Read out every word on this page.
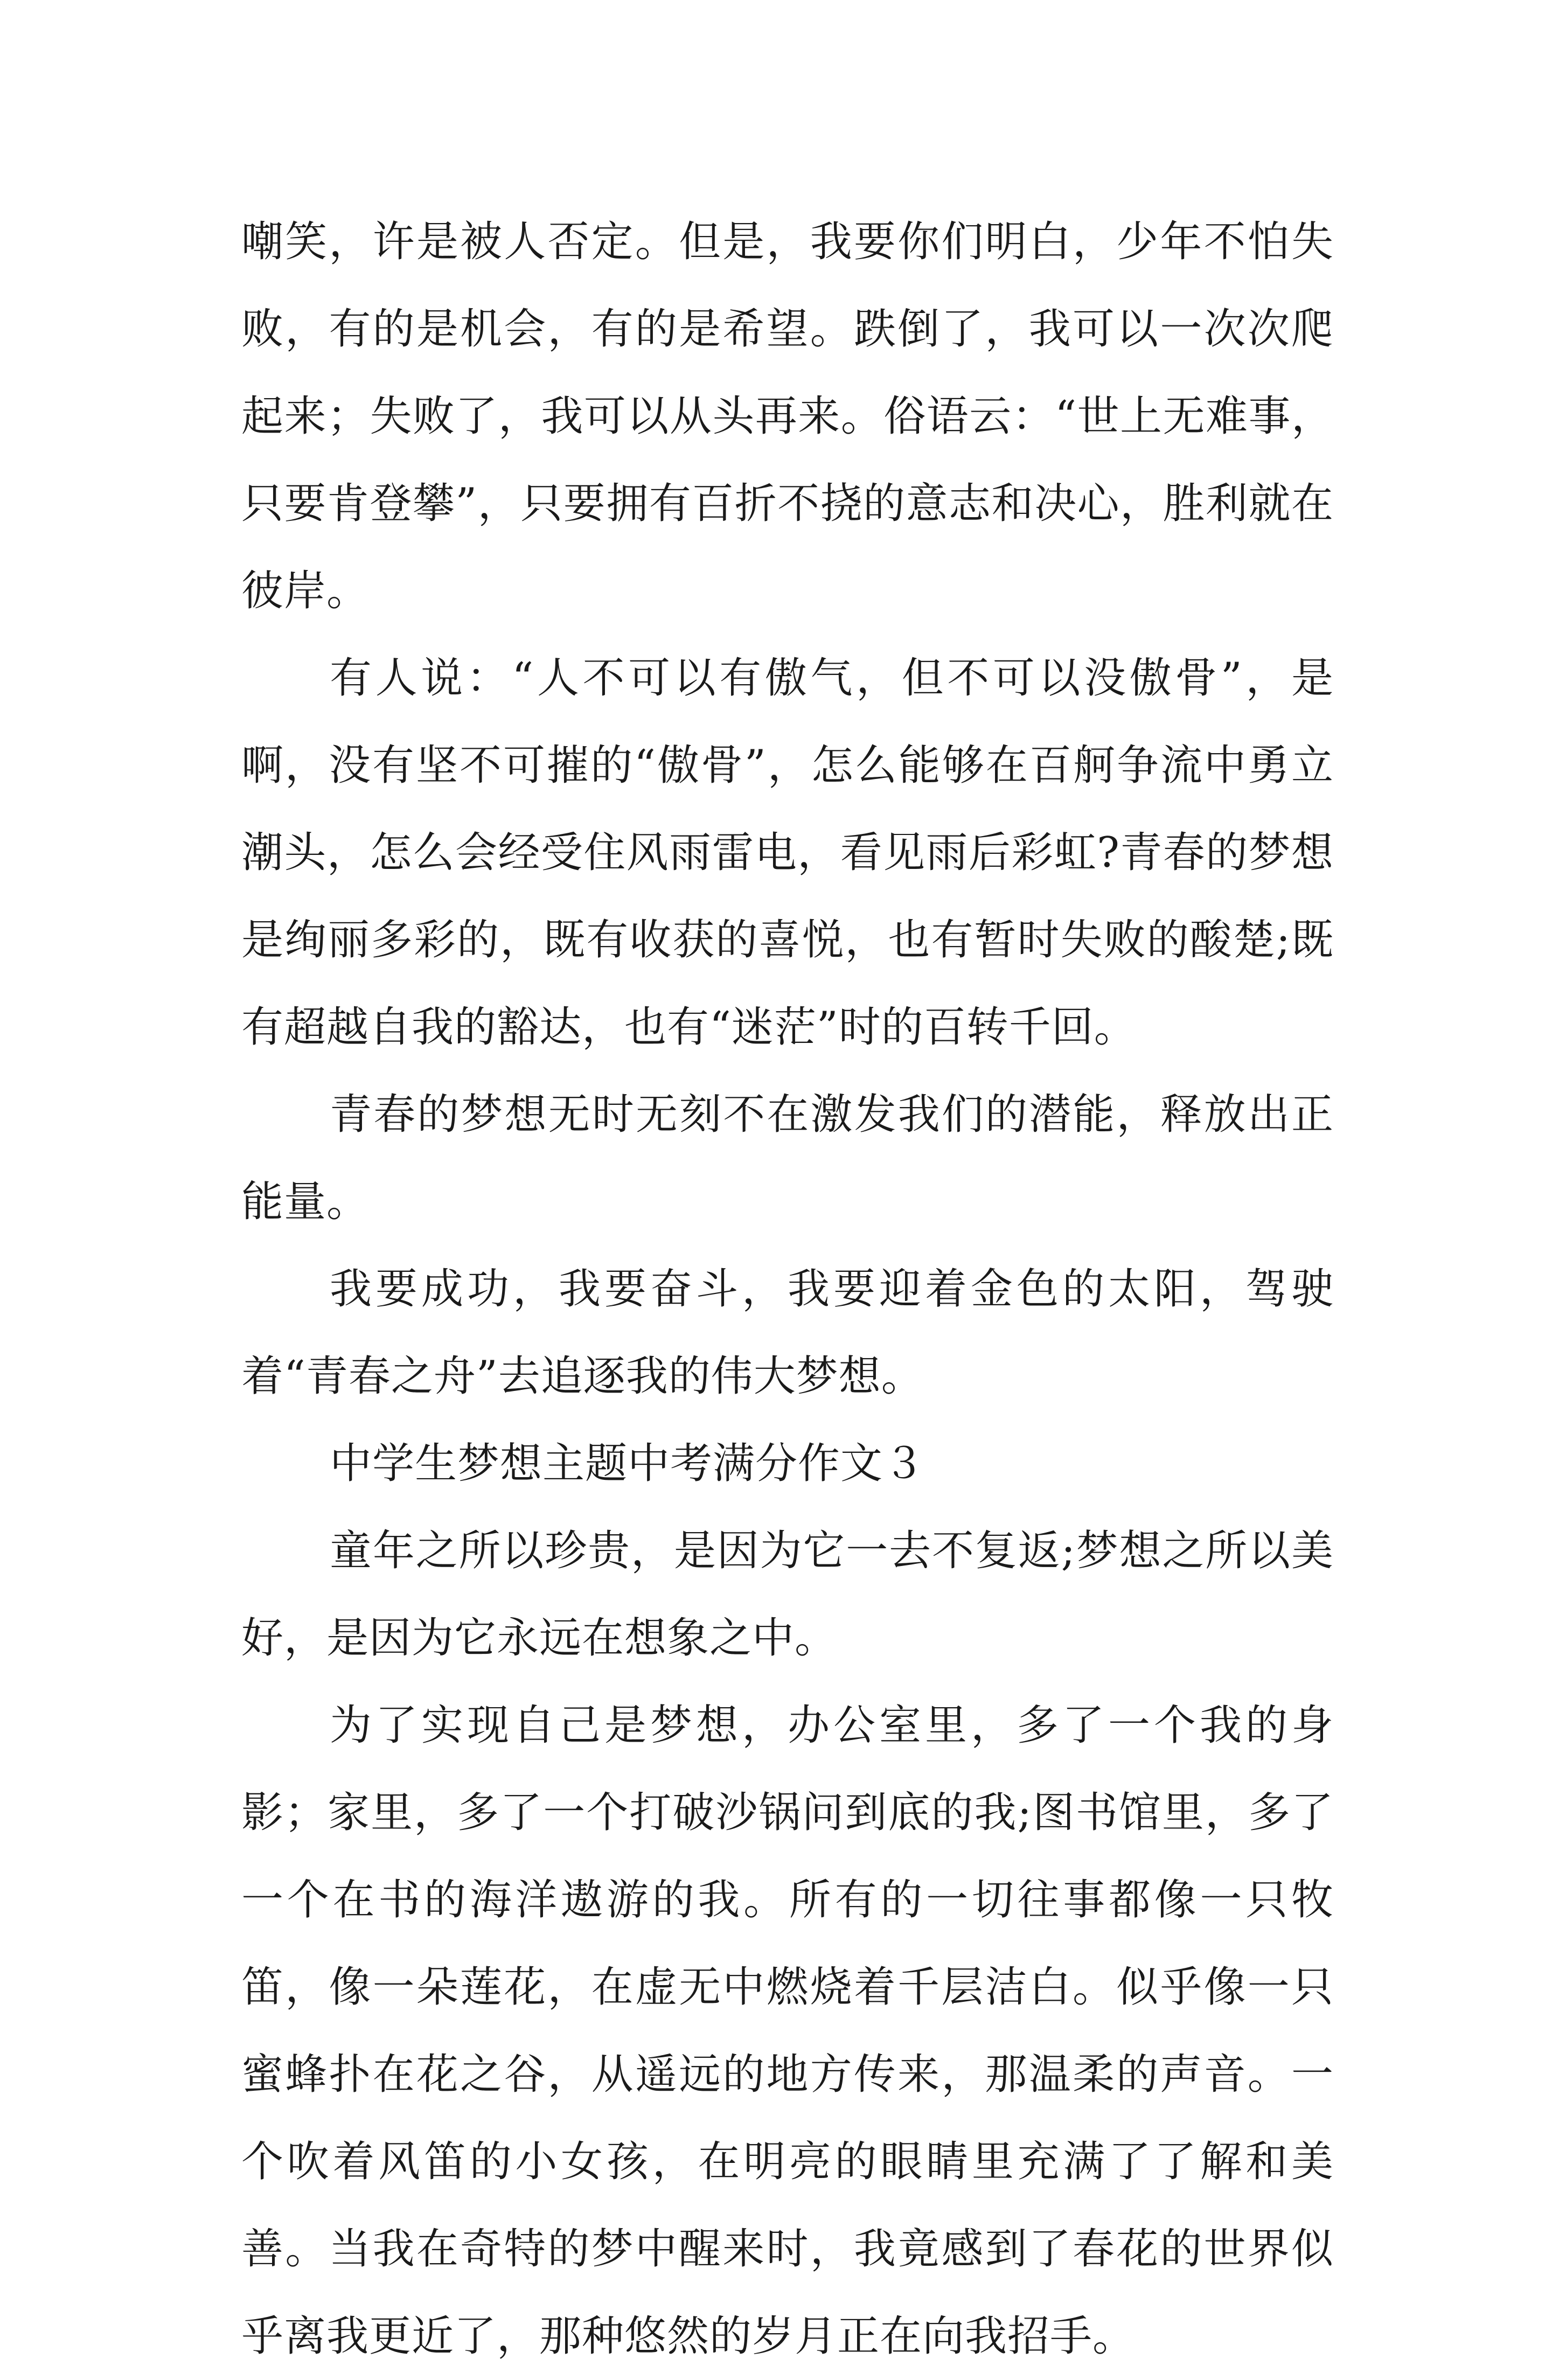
嘲笑，许是被人否定。但是，我要你们明白，少年不怕失败，有的是机会，有的是希望。跌倒了，我可以一次次爬起来；失败了，我可以从头再来。俗语云：“世上无难事，只要肯登攀”，只要拥有百折不挠的意志和决心，胜利就在彼岸。

有人说：“人不可以有傲气，但不可以没傲骨”，是啊，没有坚不可摧的“傲骨”，怎么能够在百舸争流中勇立潮头，怎么会经受住风雨雷电，看见雨后彩虹?青春的梦想是绚丽多彩的，既有收获的喜悦，也有暂时失败的酸楚;既有超越自我的豁达，也有“迷茫”时的百转千回。

青春的梦想无时无刻不在激发我们的潜能，释放出正能量。

我要成功，我要奋斗，我要迎着金色的太阳，驾驶着“青春之舟”去追逐我的伟大梦想。

中学生梦想主题中考满分作文３

童年之所以珍贵，是因为它一去不复返;梦想之所以美好，是因为它永远在想象之中。

为了实现自己是梦想，办公室里，多了一个我的身影；家里，多了一个打破沙锅问到底的我;图书馆里，多了一个在书的海洋遨游的我。所有的一切往事都像一只牧笛，像一朵莲花，在虚无中燃烧着千层洁白。似乎像一只蜜蜂扑在花之谷，从遥远的地方传来，那温柔的声音。一个吹着风笛的小女孩，在明亮的眼睛里充满了了解和美善。当我在奇特的梦中醒来时，我竟感到了春花的世界似乎离我更近了，那种悠然的岁月正在向我招手。
